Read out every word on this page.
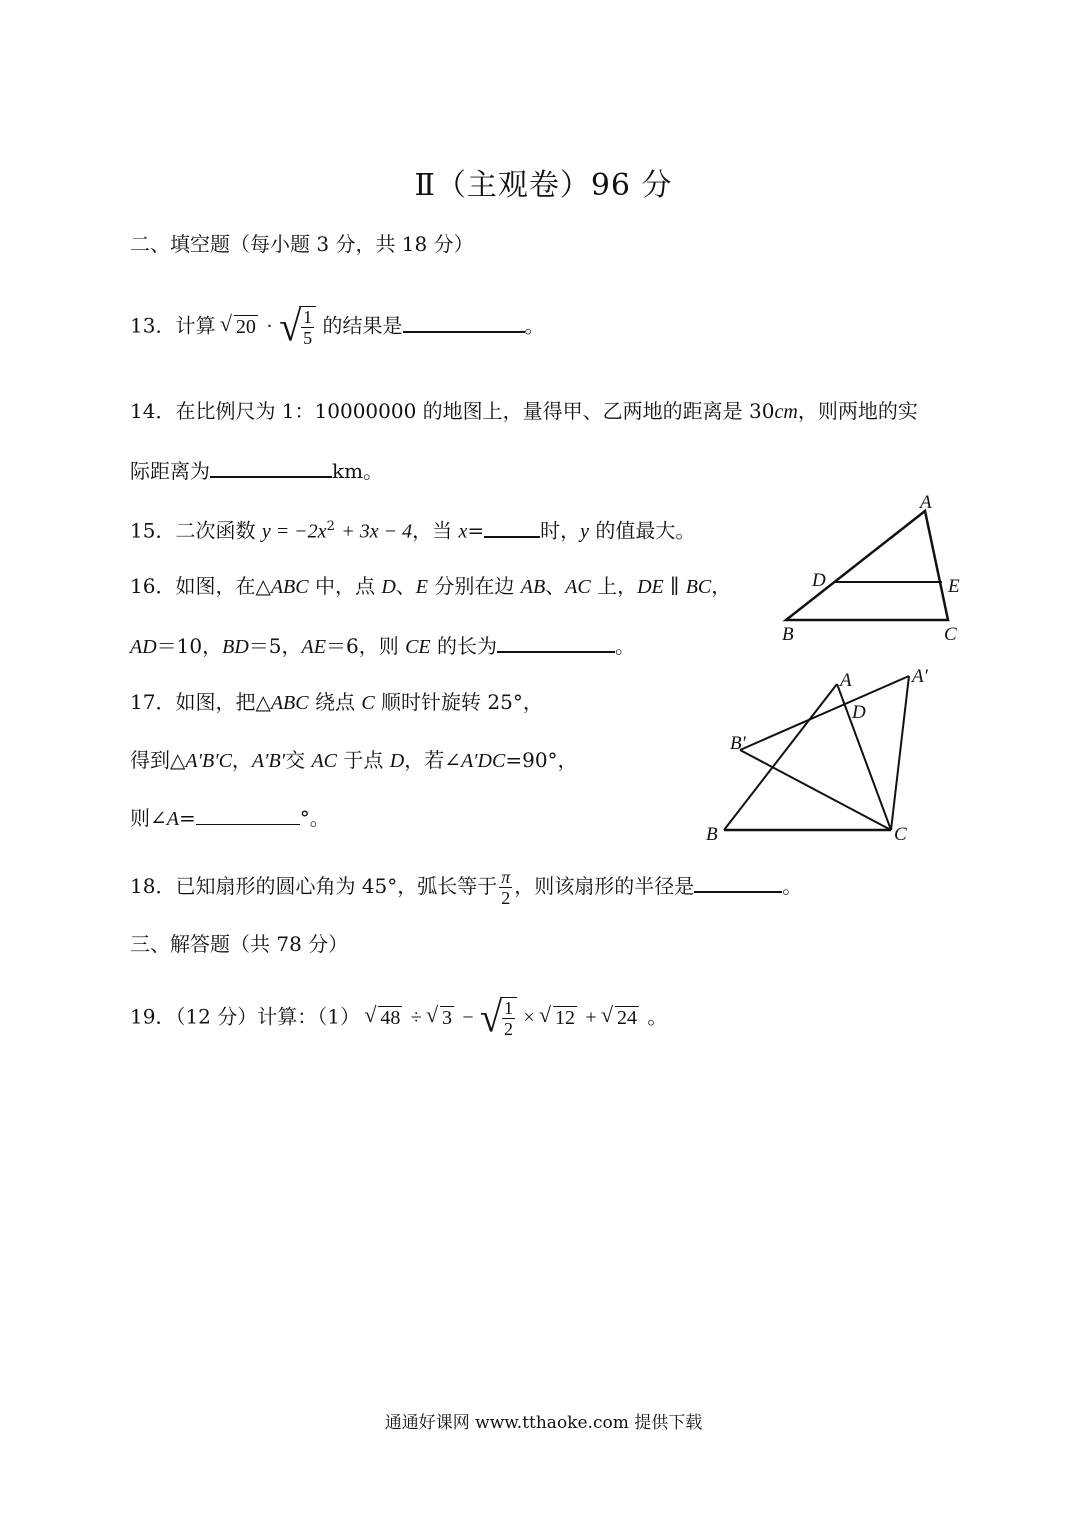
Ⅱ（主观卷）96 分
二、填空题（每小题 3 分，共 18 分）
13．计算 √ 20 · √ $\frac{1}{5}$ 的结果是	。
14．在比例尺为 1：10000000 的地图上，量得甲、乙两地的距离是 30cm，则两地的实
际距离为	km。
15．二次函数 $y = -2x^2 + 3x - 4$，当 x=	时，y 的值最大。
16．如图，在△ABC 中，点 D、E 分别在边 AB、AC 上，DE ∥ BC，
AD＝10，BD＝5，AE＝6，则 CE 的长为	。
A
B	C
D	E
17．如图，把△ABC 绕点 C 顺时针旋转 25°，
得到△A′B′C，A′B′交 AC 于点 D，若∠A′DC=90°，
则∠A=	°。
A	A′
B
B′
C
D
18．已知扇形的圆心角为 45°，弧长等于 $\frac{\pi}{2}$ ，则该扇形的半径是	。
三、解答题（共 78 分）
19．（12 分）计算：（1） √ 48 ÷ √ 3 − √ $\frac{1}{2}$ × √ 12 + √ 24 。
通通好课网 www.tthaoke.com 提供下载
